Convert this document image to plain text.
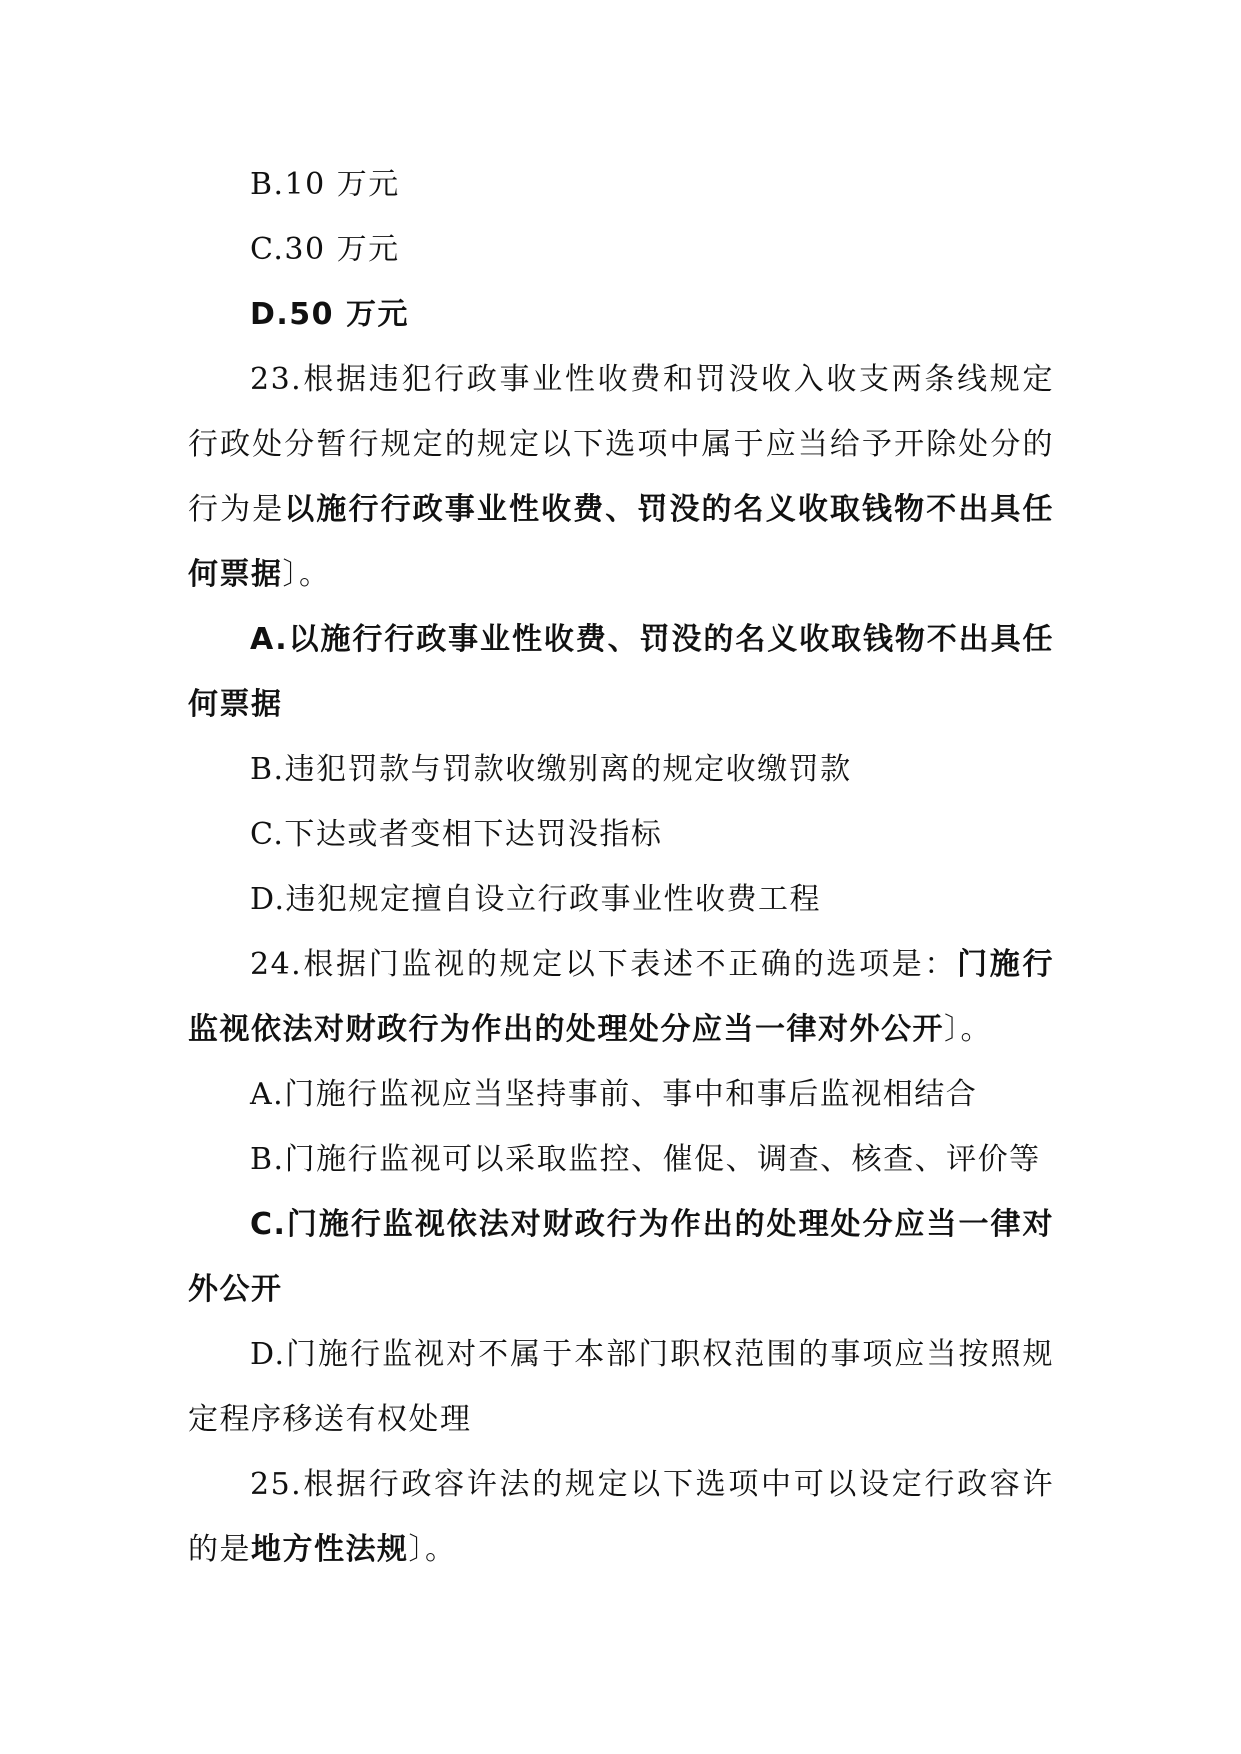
B.10 万元

C.30 万元

D.50 万元

23.根据违犯行政事业性收费和罚没收入收支两条线规定行政处分暂行规定的规定以下选项中属于应当给予开除处分的行为是以施行行政事业性收费、罚没的名义收取钱物不出具任何票据〕。

A.以施行行政事业性收费、罚没的名义收取钱物不出具任何票据

B.违犯罚款与罚款收缴别离的规定收缴罚款

C.下达或者变相下达罚没指标

D.违犯规定擅自设立行政事业性收费工程

24.根据门监视的规定以下表述不正确的选项是：门施行监视依法对财政行为作出的处理处分应当一律对外公开〕。

A.门施行监视应当坚持事前、事中和事后监视相结合

B.门施行监视可以采取监控、催促、调查、核查、评价等

C.门施行监视依法对财政行为作出的处理处分应当一律对外公开

D.门施行监视对不属于本部门职权范围的事项应当按照规定程序移送有权处理

25.根据行政容许法的规定以下选项中可以设定行政容许的是地方性法规〕。
